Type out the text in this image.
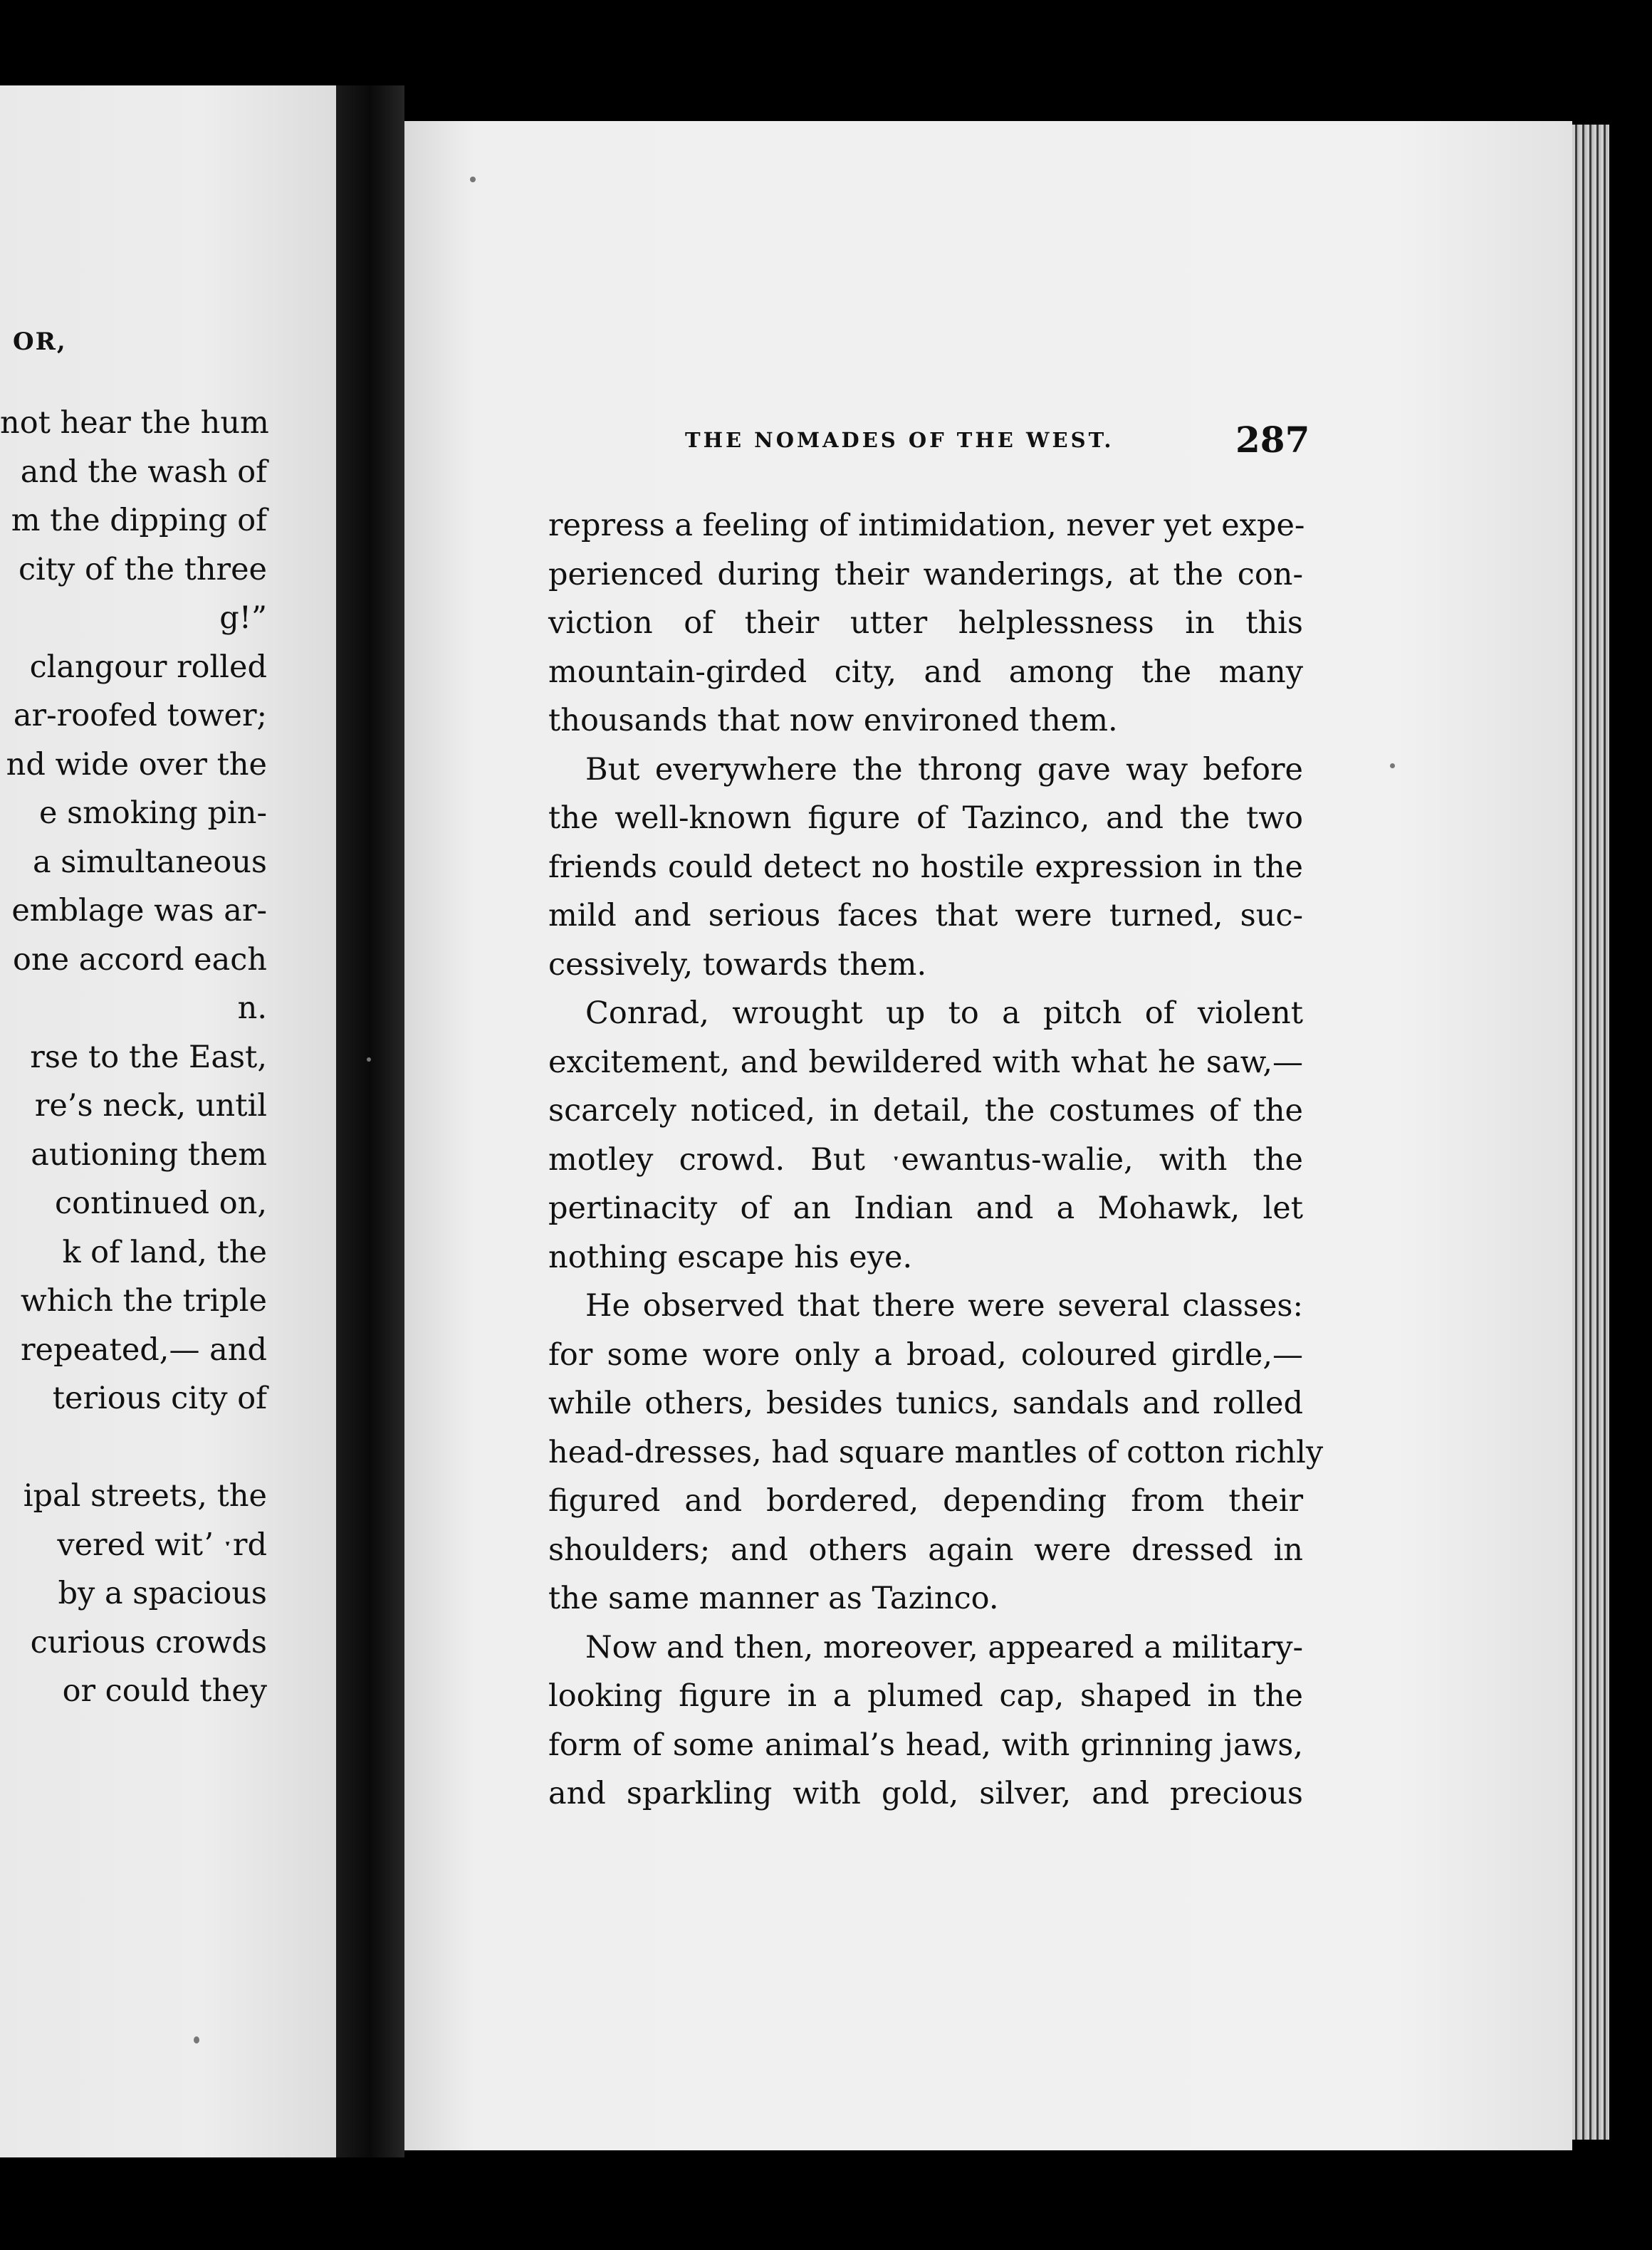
OR,

not hear the hum
and the wash of
m the dipping of
city of the three
g!”
clangour rolled
ar-roofed tower;
nd wide over the
e smoking pin-
a simultaneous
emblage was ar-
one accord each
n.
rse to the East,
re’s neck, until
autioning them
continued on,
k of land, the
which the triple
repeated,— and
terious city of

ipal streets, the
vered witʼ ˑrd
by a spacious
curious crowds
or could they

THE NOMADES OF THE WEST.	287

repress a feeling of intimidation, never yet expe-
perienced during their wanderings, at the con-
viction of their utter helplessness in this
mountain-girded city, and among the many
thousands that now environed them.
But everywhere the throng gave way before
the well-known figure of Tazinco, and the two
friends could detect no hostile expression in the
mild and serious faces that were turned, suc-
cessively, towards them.
Conrad, wrought up to a pitch of violent
excitement, and bewildered with what he saw,—
scarcely noticed, in detail, the costumes of the
motley crowd. But ˑewantus-walie, with the
pertinacity of an Indian and a Mohawk, let
nothing escape his eye.
He observed that there were several classes:
for some wore only a broad, coloured girdle,—
while others, besides tunics, sandals and rolled
head-dresses, had square mantles of cotton richly
figured and bordered, depending from their
shoulders; and others again were dressed in
the same manner as Tazinco.
Now and then, moreover, appeared a military-
looking figure in a plumed cap, shaped in the
form of some animal’s head, with grinning jaws,
and sparkling with gold, silver, and precious
